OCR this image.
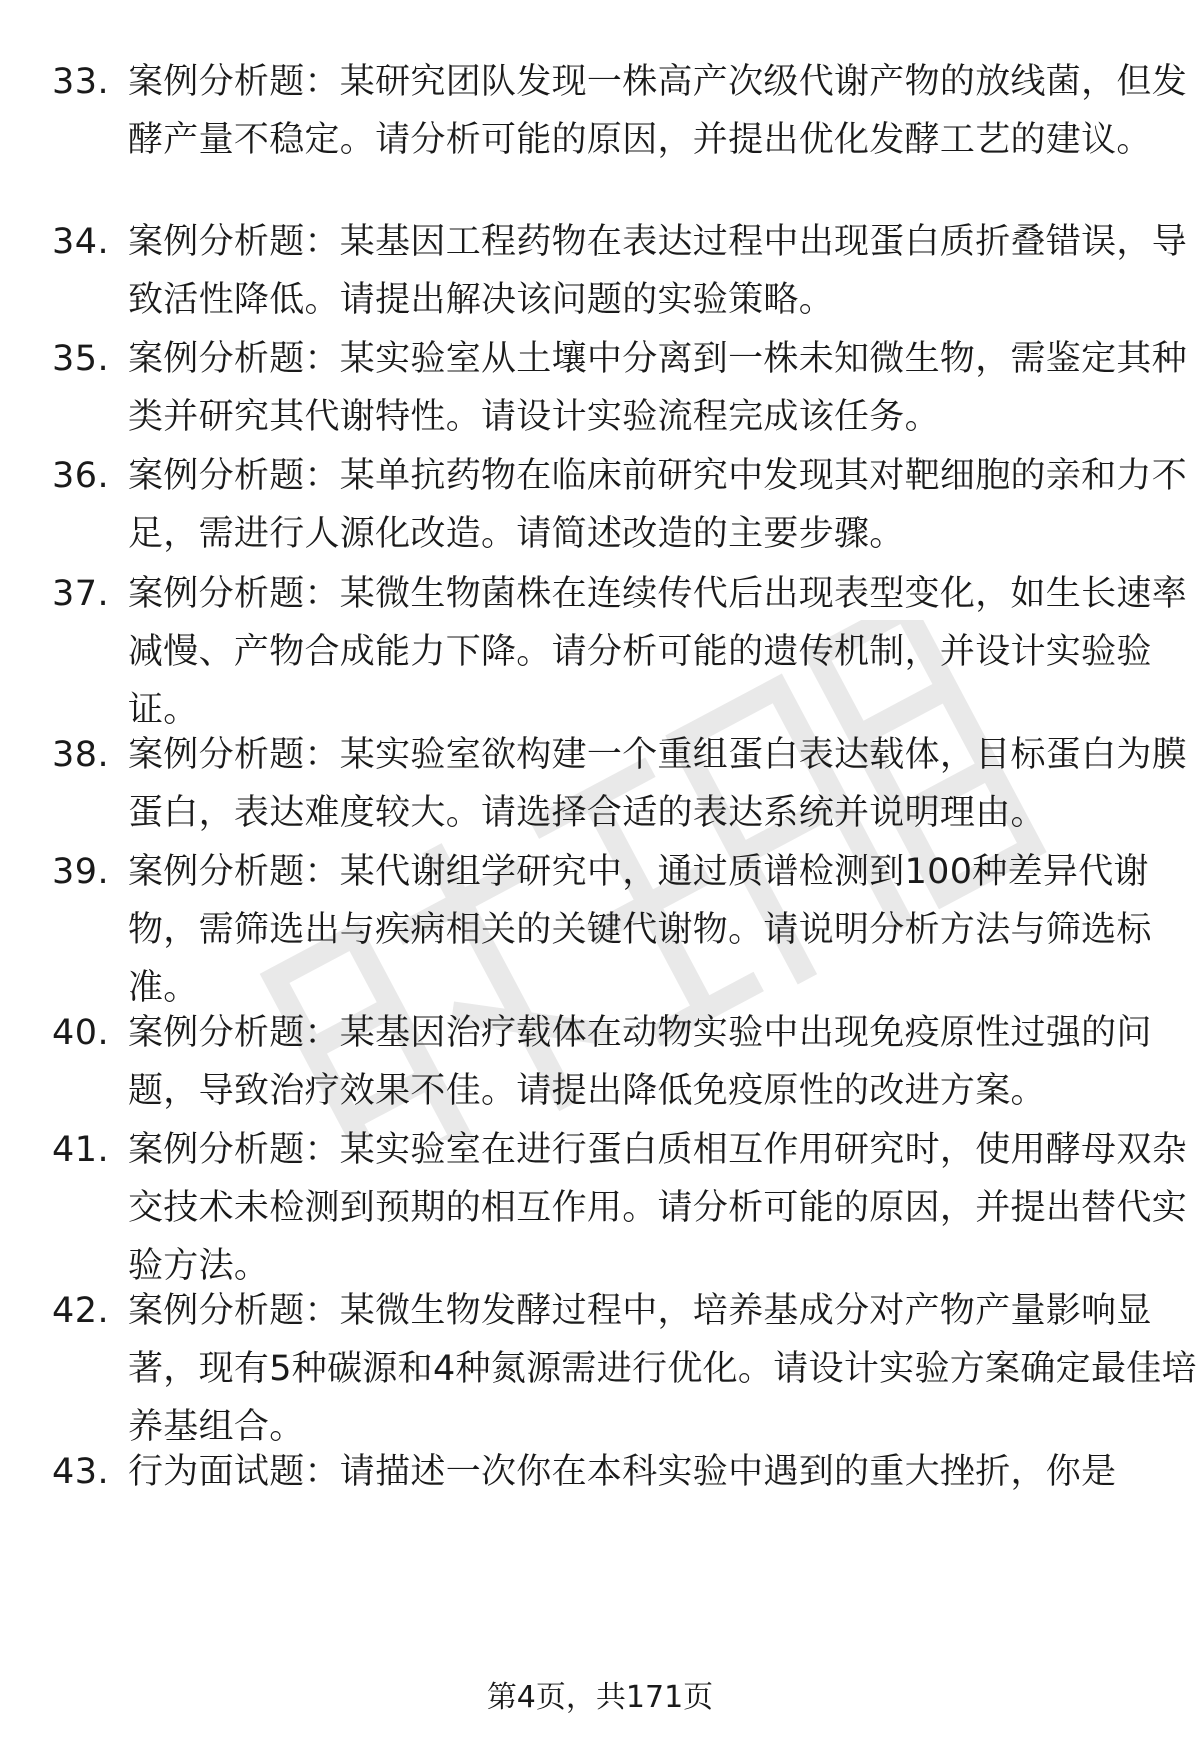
33. 案例分析题：某研究团队发现一株高产次级代谢产物的放线菌，但发酵产量不稳定。请分析可能的原因，并提出优化发酵工艺的建议。
34. 案例分析题：某基因工程药物在表达过程中出现蛋白质折叠错误，导致活性降低。请提出解决该问题的实验策略。
35. 案例分析题：某实验室从土壤中分离到一株未知微生物，需鉴定其种类并研究其代谢特性。请设计实验流程完成该任务。
36. 案例分析题：某单抗药物在临床前研究中发现其对靶细胞的亲和力不足，需进行人源化改造。请简述改造的主要步骤。
37. 案例分析题：某微生物菌株在连续传代后出现表型变化，如生长速率减慢、产物合成能力下降。请分析可能的遗传机制，并设计实验验证。
38. 案例分析题：某实验室欲构建一个重组蛋白表达载体，目标蛋白为膜蛋白，表达难度较大。请选择合适的表达系统并说明理由。
39. 案例分析题：某代谢组学研究中，通过质谱检测到100种差异代谢物，需筛选出与疾病相关的关键代谢物。请说明分析方法与筛选标准。
40. 案例分析题：某基因治疗载体在动物实验中出现免疫原性过强的问题，导致治疗效果不佳。请提出降低免疫原性的改进方案。
41. 案例分析题：某实验室在进行蛋白质相互作用研究时，使用酵母双杂交技术未检测到预期的相互作用。请分析可能的原因，并提出替代实验方法。
42. 案例分析题：某微生物发酵过程中，培养基成分对产物产量影响显著，现有5种碳源和4种氮源需进行优化。请设计实验方案确定最佳培养基组合。
43. 行为面试题：请描述一次你在本科实验中遇到的重大挫折，你是
第4页，共171页
